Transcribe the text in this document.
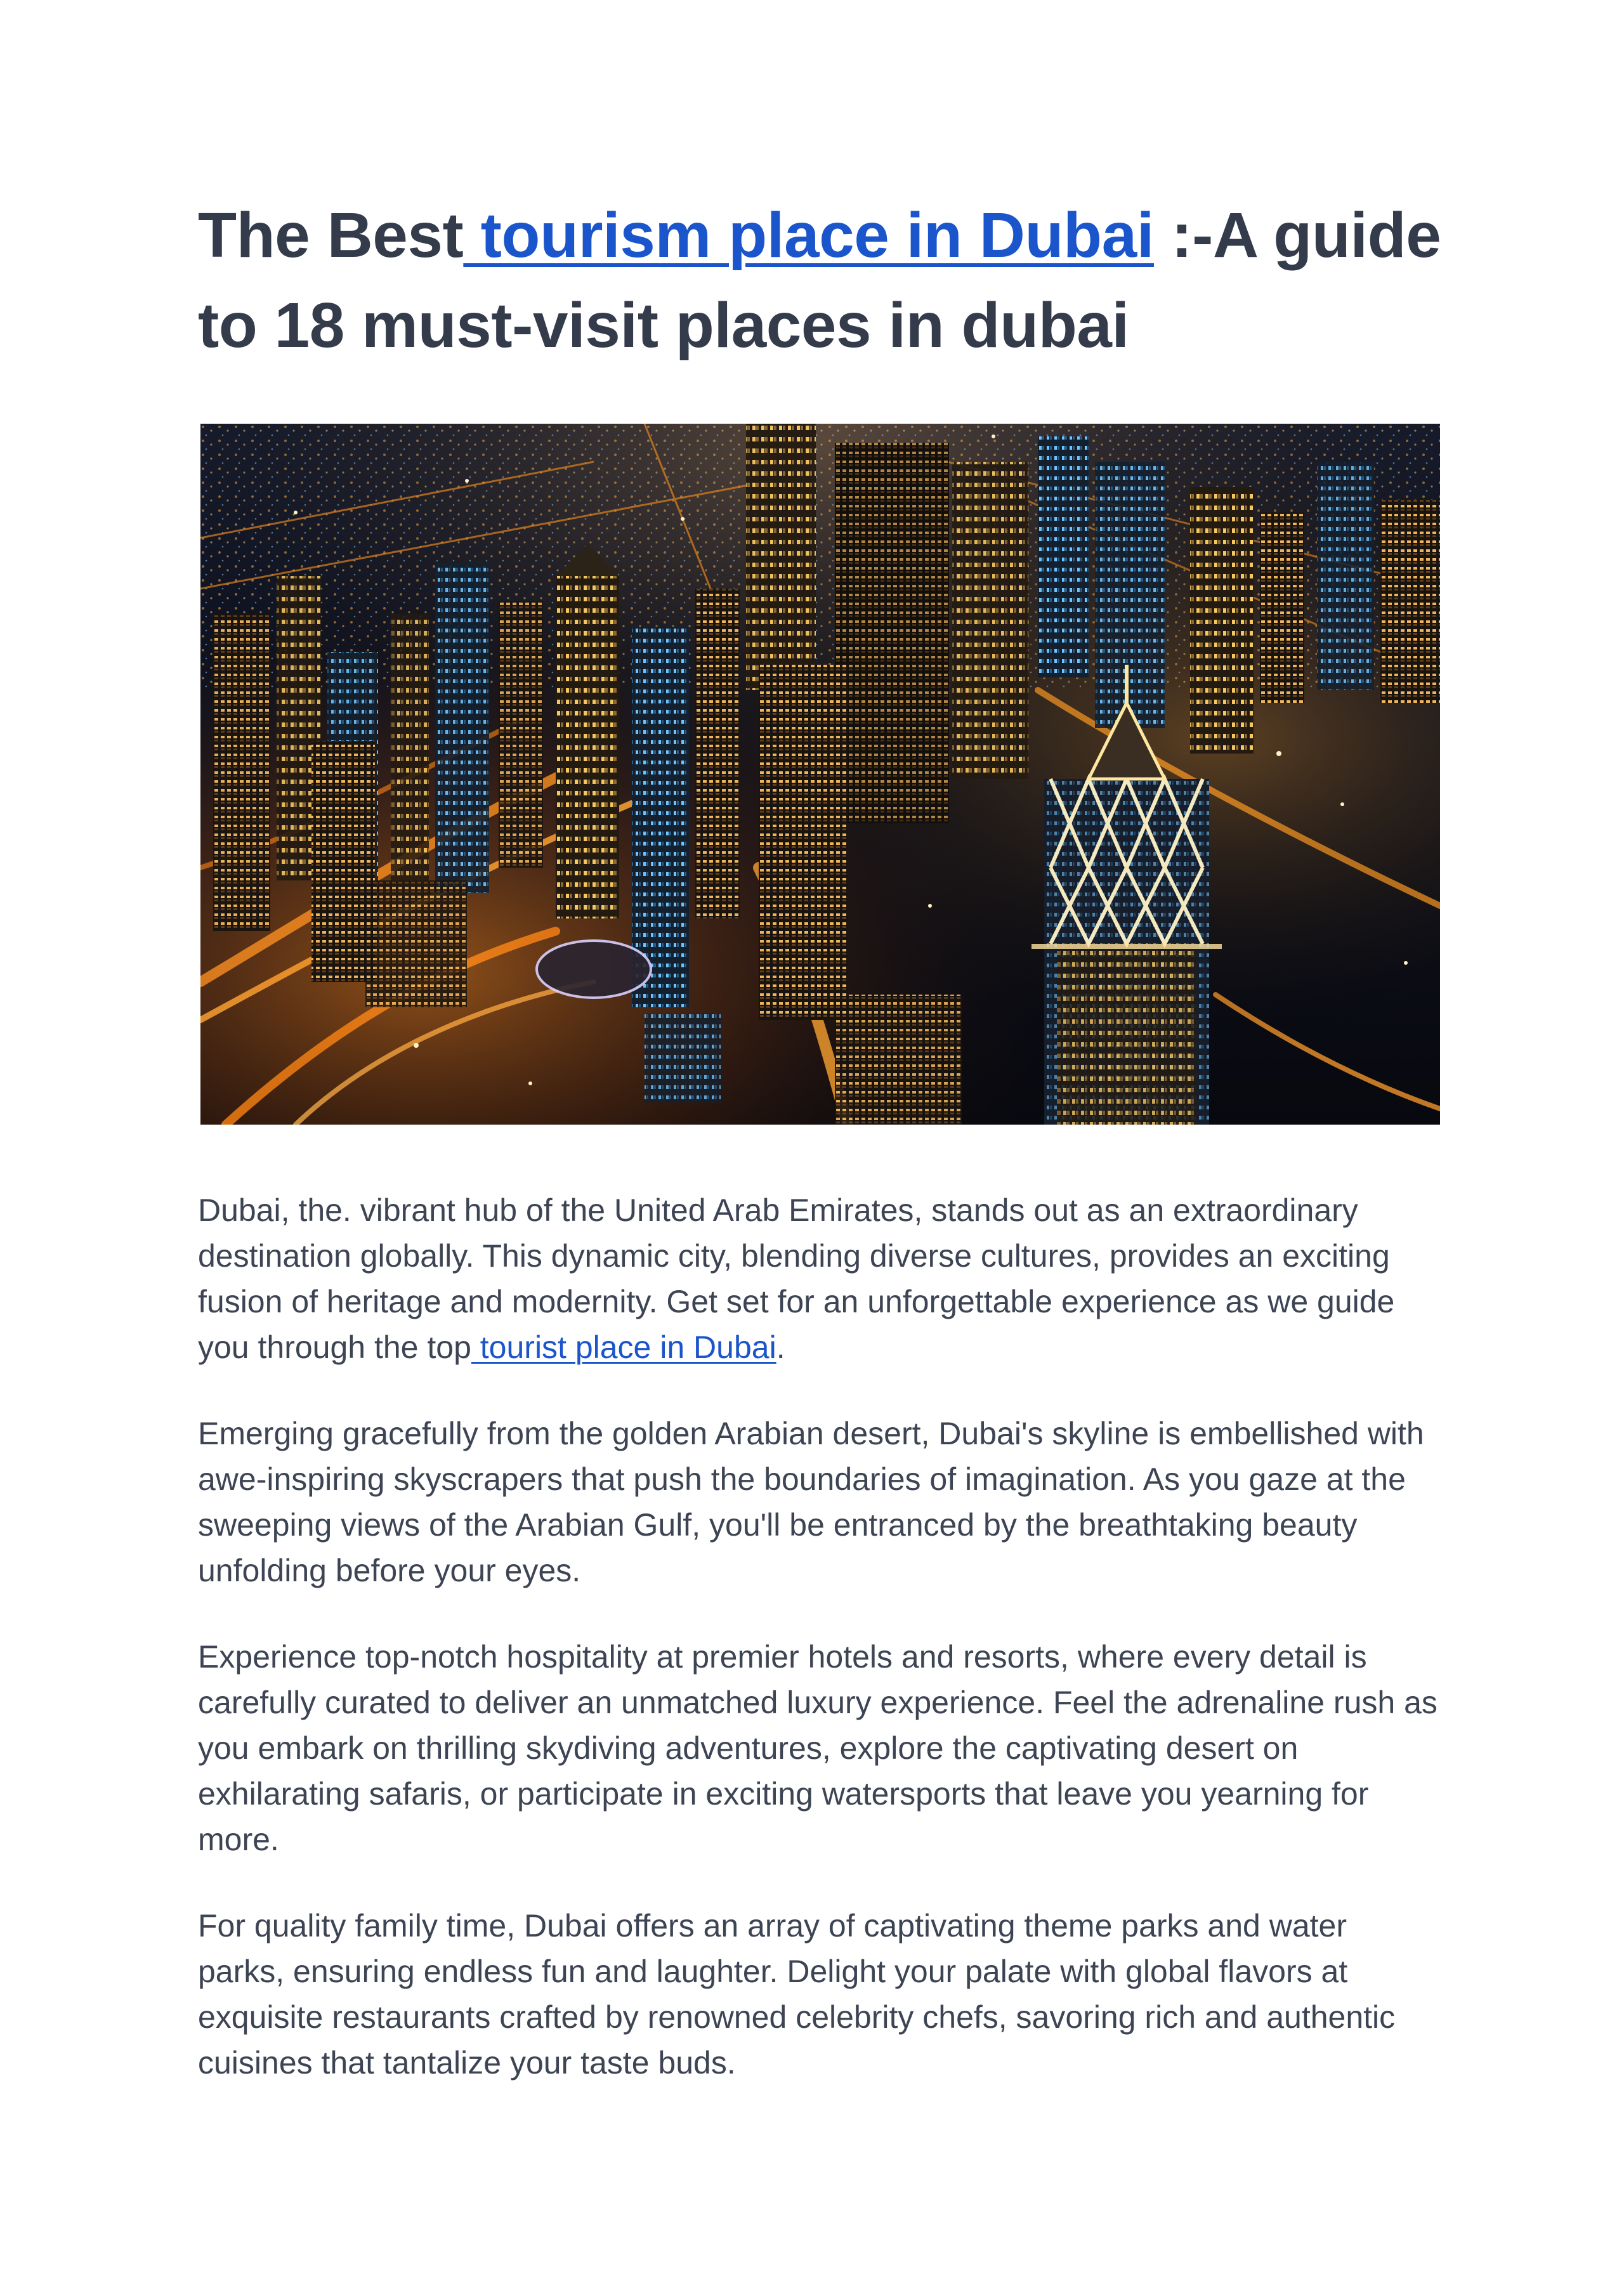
The Best tourism place in Dubai :-A guide to 18 must-visit places in dubai

Dubai, the. vibrant hub of the United Arab Emirates, stands out as an extraordinary destination globally. This dynamic city, blending diverse cultures, provides an exciting fusion of heritage and modernity. Get set for an unforgettable experience as we guide you through the top tourist place in Dubai.

Emerging gracefully from the golden Arabian desert, Dubai's skyline is embellished with awe-inspiring skyscrapers that push the boundaries of imagination. As you gaze at the sweeping views of the Arabian Gulf, you'll be entranced by the breathtaking beauty unfolding before your eyes.

Experience top-notch hospitality at premier hotels and resorts, where every detail is carefully curated to deliver an unmatched luxury experience. Feel the adrenaline rush as you embark on thrilling skydiving adventures, explore the captivating desert on exhilarating safaris, or participate in exciting watersports that leave you yearning for more.

For quality family time, Dubai offers an array of captivating theme parks and water parks, ensuring endless fun and laughter. Delight your palate with global flavors at exquisite restaurants crafted by renowned celebrity chefs, savoring rich and authentic cuisines that tantalize your taste buds.
